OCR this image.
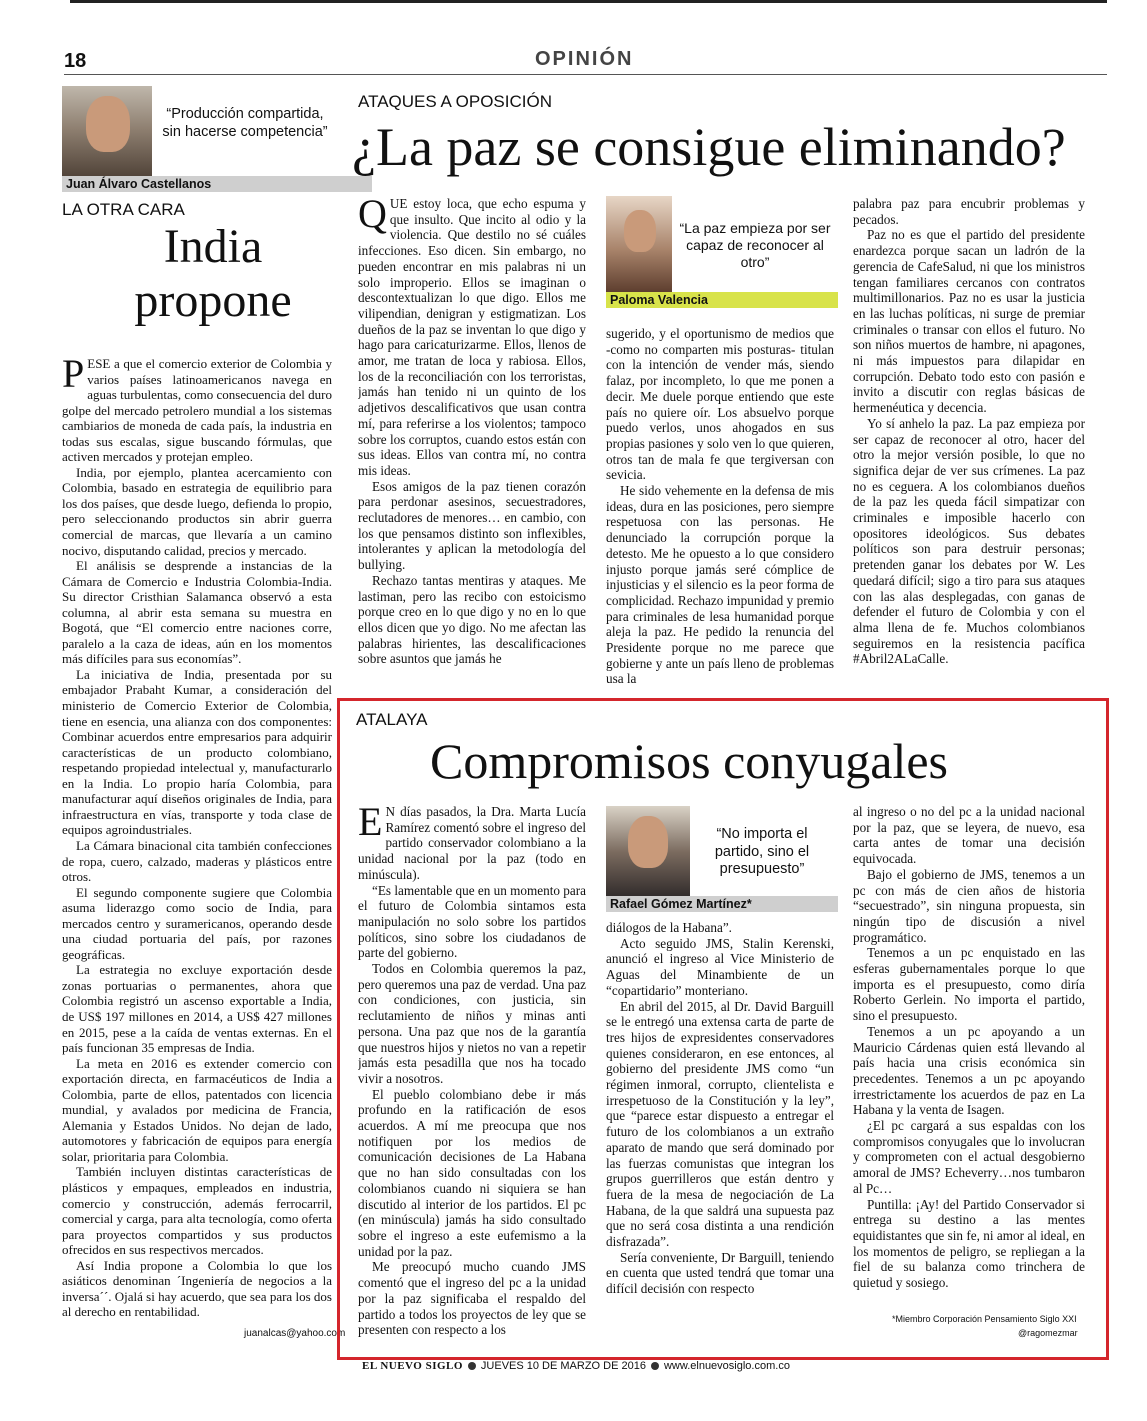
18	OPINIÓN
“Producción compartida, sin hacerse competencia”
Juan Álvaro Castellanos
LA OTRA CARA
India
propone

PESE a que el comercio exterior de Colombia y varios países latinoamericanos navega en aguas turbulentas, como consecuencia del duro golpe del mercado petrolero mundial a los sistemas cambiarios de moneda de cada país, la industria en todas sus escalas, sigue buscando fórmulas, que activen mercados y protejan empleo.

India, por ejemplo, plantea acercamiento con Colombia, basado en estrategia de equilibrio para los dos países, que desde luego, defienda lo propio, pero seleccionando productos sin abrir guerra comercial de marcas, que llevaría a un camino nocivo, disputando calidad, precios y mercado.

El análisis se desprende a instancias de la Cámara de Comercio e Industria Colombia-India. Su director Cristhian Salamanca observó a esta columna, al abrir esta semana su muestra en Bogotá, que “El comercio entre naciones corre, paralelo a la caza de ideas, aún en los momentos más difíciles para sus economías”.

La iniciativa de India, presentada por su embajador Prabaht Kumar, a consideración del ministerio de Comercio Exterior de Colombia, tiene en esencia, una alianza con dos componentes: Combinar acuerdos entre empresarios para adquirir características de un producto colombiano, respetando propiedad intelectual y, manufacturarlo en la India. Lo propio haría Colombia, para manufacturar aquí diseños originales de India, para infraestructura en vías, transporte y toda clase de equipos agroindustriales.

La Cámara binacional cita también confecciones de ropa, cuero, calzado, maderas y plásticos entre otros.

El segundo componente sugiere que Colombia asuma liderazgo como socio de India, para mercados centro y suramericanos, operando desde una ciudad portuaria del país, por razones geográficas.

La estrategia no excluye exportación desde zonas portuarias o permanentes, ahora que Colombia registró un ascenso exportable a India, de US$ 197 millones en 2014, a US$ 427 millones en 2015, pese a la caída de ventas externas. En el país funcionan 35 empresas de India.

La meta en 2016 es extender comercio con exportación directa, en farmacéuticos de India a Colombia, parte de ellos, patentados con licencia mundial, y avalados por medicina de Francia, Alemania y Estados Unidos. No dejan de lado, automotores y fabricación de equipos para energía solar, prioritaria para Colombia.

También incluyen distintas características de plásticos y empaques, empleados en industria, comercio y construcción, además ferrocarril, comercial y carga, para alta tecnología, como oferta para proyectos compartidos y sus productos ofrecidos en sus respectivos mercados.

Así India propone a Colombia lo que los asiáticos denominan ´Ingeniería de negocios a la inversa´´. Ojalá si hay acuerdo, que sea para los dos al derecho en rentabilidad.

juanalcas@yahoo.com
ATAQUES A OPOSICIÓN
¿La paz se consigue eliminando?

QUE estoy loca, que echo espuma y que insulto. Que incito al odio y la violencia. Que destilo no sé cuáles infecciones. Eso dicen. Sin embargo, no pueden encontrar en mis palabras ni un solo improperio. Ellos se imaginan o descontextualizan lo que digo. Ellos me vilipendian, denigran y estigmatizan. Los dueños de la paz se inventan lo que digo y hago para caricaturizarme. Ellos, llenos de amor, me tratan de loca y rabiosa. Ellos, los de la reconciliación con los terroristas, jamás han tenido ni un quinto de los adjetivos descalificativos que usan contra mí, para referirse a los violentos; tampoco sobre los corruptos, cuando estos están con sus ideas. Ellos van contra mí, no contra mis ideas.

Esos amigos de la paz tienen corazón para perdonar asesinos, secuestradores, reclutadores de menores… en cambio, con los que pensamos distinto son inflexibles, intolerantes y aplican la metodología del bullying.

Rechazo tantas mentiras y ataques. Me lastiman, pero las recibo con estoicismo porque creo en lo que digo y no en lo que ellos dicen que yo digo. No me afectan las palabras hirientes, las descalificaciones sobre asuntos que jamás he

“La paz empieza por ser capaz de reconocer al otro”
Paloma Valencia

sugerido, y el oportunismo de medios que -como no comparten mis posturas- titulan con la intención de vender más, siendo falaz, por incompleto, lo que me ponen a decir. Me duele porque entiendo que este país no quiere oír. Los absuelvo porque puedo verlos, unos ahogados en sus propias pasiones y solo ven lo que quieren, otros tan de mala fe que tergiversan con sevicia.

He sido vehemente en la defensa de mis ideas, dura en las posiciones, pero siempre respetuosa con las personas. He denunciado la corrupción porque la detesto. Me he opuesto a lo que considero injusto porque jamás seré cómplice de injusticias y el silencio es la peor forma de complicidad. Rechazo impunidad y premio para criminales de lesa humanidad porque aleja la paz. He pedido la renuncia del Presidente porque no me parece que gobierne y ante un país lleno de problemas usa la

palabra paz para encubrir problemas y pecados.

Paz no es que el partido del presidente enardezca porque sacan un ladrón de la gerencia de CafeSalud, ni que los ministros tengan familiares cercanos con contratos multimillonarios. Paz no es usar la justicia en las luchas políticas, ni surge de premiar criminales o transar con ellos el futuro. No son niños muertos de hambre, ni apagones, ni más impuestos para dilapidar en corrupción. Debato todo esto con pasión e invito a discutir con reglas básicas de hermenéutica y decencia.

Yo sí anhelo la paz. La paz empieza por ser capaz de reconocer al otro, hacer del otro la mejor versión posible, lo que no significa dejar de ver sus crímenes. La paz no es ceguera. A los colombianos dueños de la paz les queda fácil simpatizar con criminales e imposible hacerlo con opositores ideológicos. Sus debates políticos son para destruir personas; pretenden ganar los debates por W. Les quedará difícil; sigo a tiro para sus ataques con las alas desplegadas, con ganas de defender el futuro de Colombia y con el alma llena de fe. Muchos colombianos seguiremos en la resistencia pacífica #Abril2ALaCalle.

ATALAYA
Compromisos conyugales

E N días pasados, la Dra. Marta Lucía Ramírez comentó sobre el ingreso del partido conservador colombiano a la unidad nacional por la paz (todo en minúscula).

“Es lamentable que en un momento para el futuro de Colombia sintamos esta manipulación no solo sobre los partidos políticos, sino sobre los ciudadanos de parte del gobierno.

Todos en Colombia queremos la paz, pero queremos una paz de verdad. Una paz con condiciones, con justicia, sin reclutamiento de niños y minas anti persona. Una paz que nos de la garantía que nuestros hijos y nietos no van a repetir jamás esta pesadilla que nos ha tocado vivir a nosotros.

El pueblo colombiano debe ir más profundo en la ratificación de esos acuerdos. A mí me preocupa que nos notifiquen por los medios de comunicación decisiones de La Habana que no han sido consultadas con los colombianos cuando ni siquiera se han discutido al interior de los partidos. El pc (en minúscula) jamás ha sido consultado sobre el ingreso a este eufemismo a la unidad por la paz.

Me preocupó mucho cuando JMS comentó que el ingreso del pc a la unidad por la paz significaba el respaldo del partido a todos los proyectos de ley que se presenten con respecto a los

“No importa el partido, sino el presupuesto”
Rafael Gómez Martínez*

diálogos de la Habana”.

Acto seguido JMS, Stalin Kerenski, anunció el ingreso al Vice Ministerio de Aguas del Minambiente de un “copartidario” monteriano.

En abril del 2015, al Dr. David Barguill se le entregó una extensa carta de parte de tres hijos de expresidentes conservadores quienes consideraron, en ese entonces, al gobierno del presidente JMS como “un régimen inmoral, corrupto, clientelista e irrespetuoso de la Constitución y la ley”, que “parece estar dispuesto a entregar el futuro de los colombianos a un extraño aparato de mando que será dominado por las fuerzas comunistas que integran los grupos guerrilleros que están dentro y fuera de la mesa de negociación de La Habana, de la que saldrá una supuesta paz que no será cosa distinta a una rendición disfrazada”.

Sería conveniente, Dr Barguill, teniendo en cuenta que usted tendrá que tomar una difícil decisión con respecto

al ingreso o no del pc a la unidad nacional por la paz, que se leyera, de nuevo, esa carta antes de tomar una decisión equivocada.

Bajo el gobierno de JMS, tenemos a un pc con más de cien años de historia “secuestrado”, sin ninguna propuesta, sin ningún tipo de discusión a nivel programático.

Tenemos a un pc enquistado en las esferas gubernamentales porque lo que importa es el presupuesto, como diría Roberto Gerlein. No importa el partido, sino el presupuesto.

Tenemos a un pc apoyando a un Mauricio Cárdenas quien está llevando al país hacia una crisis económica sin precedentes. Tenemos a un pc apoyando irrestrictamente los acuerdos de paz en La Habana y la venta de Isagen.

¿El pc cargará a sus espaldas con los compromisos conyugales que lo involucran y comprometen con el actual desgobierno amoral de JMS? Echeverry…nos tumbaron al Pc…

Puntilla: ¡Ay! del Partido Conservador si entrega su destino a las mentes equidistantes que sin fe, ni amor al ideal, en los momentos de peligro, se repliegan a la fiel de su balanza como trinchera de quietud y sosiego.

*Miembro Corporación Pensamiento Siglo XXI
@ragomezmar
EL NUEVO SIGLO JUEVES 10 DE MARZO DE 2016 www.elnuevosiglo.com.co
